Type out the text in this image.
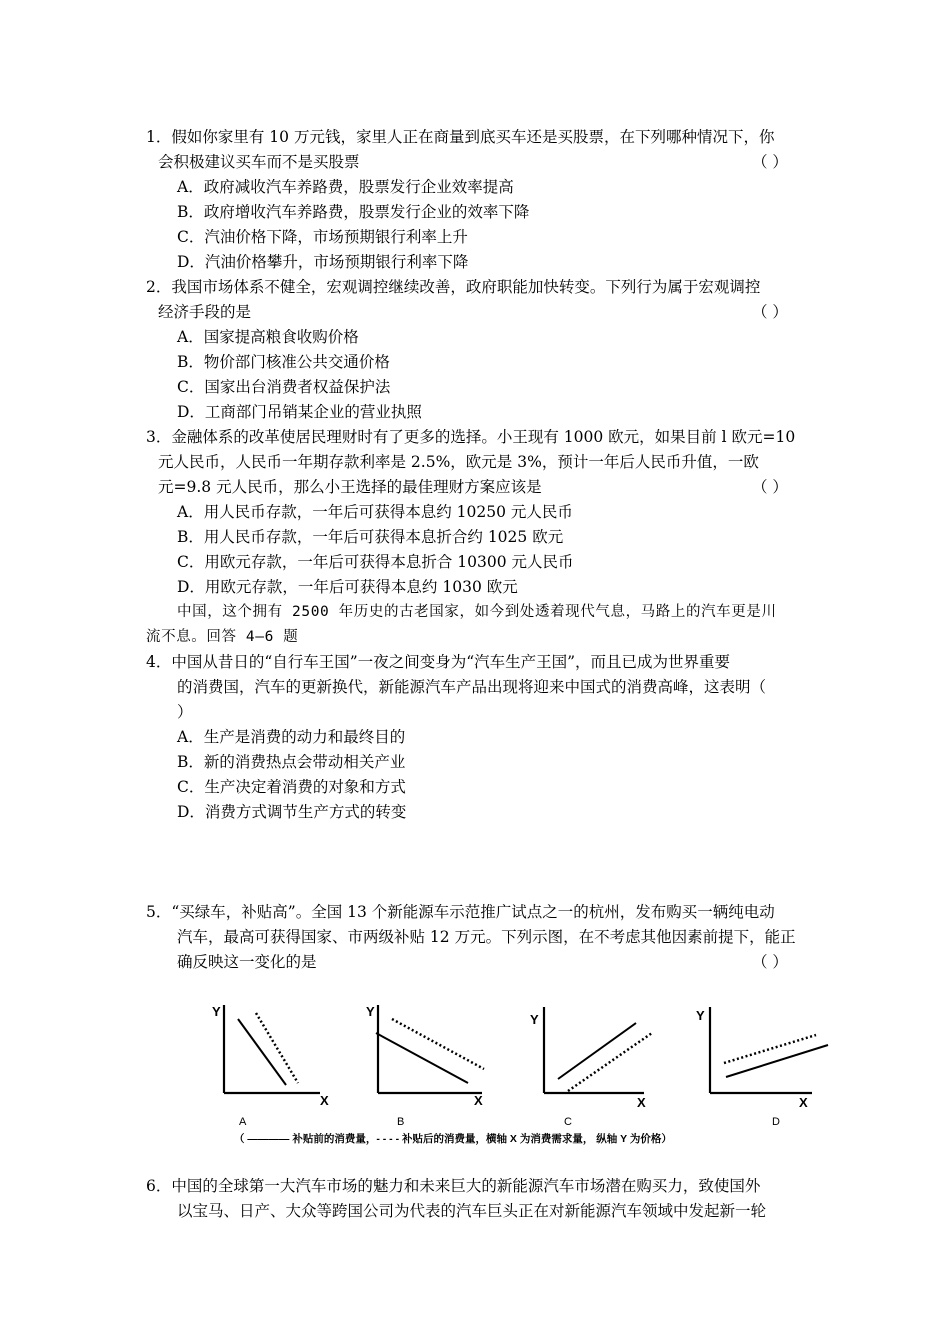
1．假如你家里有 10 万元钱，家里人正在商量到底买车还是买股票，在下列哪种情况下，你
会积极建议买车而不是买股票	（ ）
A．政府减收汽车养路费，股票发行企业效率提高
B．政府增收汽车养路费，股票发行企业的效率下降
C．汽油价格下降，市场预期银行利率上升
D．汽油价格攀升，市场预期银行利率下降
2．我国市场体系不健全，宏观调控继续改善，政府职能加快转变。下列行为属于宏观调控
经济手段的是	（ ）
A．国家提高粮食收购价格
B．物价部门核准公共交通价格
C．国家出台消费者权益保护法
D．工商部门吊销某企业的营业执照
3．金融体系的改革使居民理财时有了更多的选择。小王现有 1000 欧元，如果目前 l 欧元=10
元人民币，人民币一年期存款利率是 2.5%，欧元是 3%，预计一年后人民币升值，一欧
元=9.8 元人民币，那么小王选择的最佳理财方案应该是	（ ）
A．用人民币存款，一年后可获得本息约 10250 元人民币
B．用人民币存款，一年后可获得本息折合约 1025 欧元
C．用欧元存款，一年后可获得本息折合 10300 元人民币
D．用欧元存款，一年后可获得本息约 1030 欧元
中国，这个拥有 2500 年历史的古老国家，如今到处透着现代气息，马路上的汽车更是川
流不息。回答 4—6 题
4．中国从昔日的“自行车王国”一夜之间变身为“汽车生产王国”，而且已成为世界重要
的消费国，汽车的更新换代，新能源汽车产品出现将迎来中国式的消费高峰，这表明（
）
A．生产是消费的动力和最终目的
B．新的消费热点会带动相关产业
C．生产决定着消费的对象和方式
D．消费方式调节生产方式的转变
5．“买绿车，补贴高”。全国 13 个新能源车示范推广试点之一的杭州，发布购买一辆纯电动
汽车，最高可获得国家、市两级补贴 12 万元。下列示图，在不考虑其他因素前提下，能正
确反映这一变化的是	（ ）
Y
X
A
Y
X
B
Y
X
C
Y
X
D
（ ———— 补贴前的消费量，- - - - 补贴后的消费量，横轴 X 为消费需求量， 纵轴 Y 为价格）
6．中国的全球第一大汽车市场的魅力和未来巨大的新能源汽车市场潜在购买力，致使国外
以宝马、日产、大众等跨国公司为代表的汽车巨头正在对新能源汽车领域中发起新一轮
